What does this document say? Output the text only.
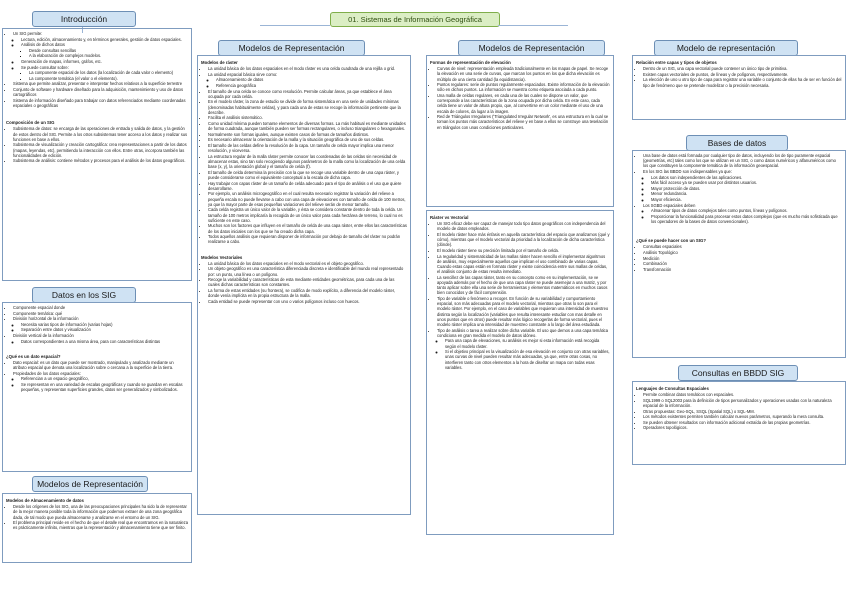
01. Sistemas de Información Geográfica
Introducción
• Un SIG permite:
◦ Lectura, edición, almacenamiento y, en términos generales, gestión de datos espaciales.
◦ Análisis de dichos datos
▪ Desde consultas sencillas
▪ A la elaboración de complejos modelos.
◦ Generación de mapas, informes, gráfos, etc.
◦ Se puede consultar sobre:
▪ La componente espacial de los datos (la localización de cada valor o elemento)
▪ La componente temática (el valor o el elemento).
• Sistema que permite analizar, presentar e interpretar hechos relativos a la superficie terrestre
• Conjunto de software y hardware diseñado para la adquisición, mantenimiento y uso de datos cartográficos
• Sistema de información diseñado para trabajar con datos referenciados mediante coordenadas espaciales o geográficas
Composición de un SIG
• Subsistema de datos: se encarga de las operaciones de entrada y salida de datos, y la gestión de estos dentro del SIG. Permite a los otros subsistemas tener acceso a los datos y realizar sus funciones en base a ellos.
• Subsistema de visualización y creación cartográfica: crea representaciones a partir de los datos (mapas, leyendas, etc), permitiendo la interacción con ellos. Entre otras, incorpora también las funcionalidades de edición.
• Subsistema de análisis: contiene métodos y procesos para el análisis de los datos geográficos.
Datos en los SIG
• Componente espacial donde
• Componente temática: qué
• División horizontal de la información
◦ Necesita varias tipos de información (varias hojas)
◦ Separación entre datos y visualización
• División vertical de la información
◦ Datos correspondientes a una misma área, para con características distintas
¿Qué es un dato espacial?
• Dato espacial: es un dato que puede ser mostrado, manipulado y analizado mediante un atributo espacial que denota una localización sobre o cercana a la superficie de la tierra.
• Propiedades de los datos espaciales:
◦ Referencian a un espacio geográfico,
◦ Se representan en una variedad de escalas geográficas y cuando se guardan en escalas pequeñas, y representan superficies grandes, datos ser generalizados y simbolizados.
Modelos de Representación
Modelos de Almacenamiento de datos
• Desde los orígenes de los SIG, una de las preocupaciones principales ha sido la de representar de la mejor manera posible toda la información que podemos extraer de una zona geográfica dada, de tal modo que pueda almacenarse y analizarse en el entorno de un SIG.
• El problema principal reside en el hecho de que el detalle real que encontramos en la naturaleza es prácticamente infinito, mientras que la representación y almacenamiento tiene que ser finito.
Modelos de Representación
Modelos de ráster
• La unidad básica de los datos espaciales en el modo ráster es una celda cuadrada de una rejilla o grid.
• La unidad espacial básica sirve como:
◦ Almacenamiento de datos
◦ Referencia geográfica
• El tamaño de una celda se conoce como resolución. Permite calcular áreas, ya que establece el área ocupada por cada celda.
• En el modelo ráster, la zona de estudio se divide de forma sistemática en una serie de unidades mínimas (denominadas habitualmente celdas), y para cada una de estas se recoge la información pertinente que la describe.
• Facilita el análisis sistemático.
• Como unidad mínima pueden tomarse elementos de diversas formas. La más habitual es mediante unidades de forma cuadrada, aunque también pueden ser formas rectangulares, o incluso triangulares o hexagonales.
• Normalmente son formas iguales, aunque existen casos de formas de tamaños distintos.
• Es necesario almacenar la orientación de la malla y la situación geográfica de uno de sus celdas.
• El tamaño de las celdas define la resolución de la capa. Un tamaño de celda mayor implica una menor resolución, y viceversa.
• La estructura regular de la malla ráster permite conocer las coordenadas de las celdas sin necesidad de almacenar estas, sino tan solo recogiendo algunos parámetros de la malla como la localización de una celda base (x, y), la orientación global y el tamaño de celda (f).
• El tamaño de celda determina la precisión con la que se recoge una variable dentro de una capa ráster, y puede considerarse como el equivalente conceptual a la escala de dicha capa.
• Hay trabajar con capas ráster de un tamaño de celda adecuado para el tipo de análisis o el uso que quiere desarrollarse.
• Por ejemplo, un análisis microgeográfico en el cual resulta necesario registrar la variación del relieve a pequeña escala no puede llevarse a cabo con una capa de elevaciones con tamaño de celda de 100 metros, ya que la mayor parte de esas pequeñas variaciones del relieve serán de menor tamaño.
• Cada celda registra un único valor de la variable, y ésta se considera constante dentro de toda la celda. Un tamaño de 100 metros implicaría la recogida de un único valor para cada hectárea de terreno, lo cual no es suficiente en este caso.
• Muchos son los factores que influyen en el tamaño de celda de una capa ráster, entre ellos las características de los datos iniciales con los que se ha creado dicha capa.
• Todos aquellos análisis que requieran disponer de información por debajo de tamaño del ráster no podrán realizarse a cabo.
Modelos Vectoriales
• La unidad básica de los datos espaciales en el modo vectorial es el objeto geográfico.
• Un objeto geográfico es una característica diferenciada discreta e identificable del mundo real representado por: un punto, una línea o un polígono.
• Recoge la variabilidad y características de esta mediante entidades geométricas, para cada una de las cuales dichas características son constantes.
• La forma de estas entidades (su frontera), se codifica de modo explícito, a diferencia del modelo ráster, donde venía implícita en la propia estructura de la malla.
• Cada entidad se puede representar con uno o varios polígonos incluso con huecos.
Modelos de Representación
Formas de representación de elevación
• Curvas de nivel: representación empleada tradicionalmente en los mapas de papel. Se recoge la elevación en una serie de curvas, que marcan los puntos en los que dicha elevación es múltiplo de una cierta cantidad (la equidistancia).
• Puntos regulares: serie de puntos regularmente espaciados. Existe información de la elevación sólo en dichos puntos. La información se muestra como etiqueta asociada a cada punto.
• Una malla de celdas regulares, en cada una de las cuales se dispone un valor, que corresponde a las características de la zona ocupada por dicha celda. En este caso, cada celda tiene un valor de altura propio, que, al convertirse en un color mediante el uso de una escala de colores, da lugar a la imagen.
• Red de Triángulos Irregulares ('Triangulated Irregular Network', es una estructura en la cual se toman los puntos más característicos del relieve y en base a ellos se construye una teselación en triángulos con unas condiciones particulares.
Ráster vs Vectorial
• Un SIG eficaz debe ser capaz de manejar todo tipo datos geográficos con independencia del modelo de datos empleados.
• El modelo ráster hace más énfasis en aquella característica del espacio que analizamos (qué y cómo), mientras que el modelo vectorial da prioridad a la localización de dicha característica (dónde).
• El modelo ráster tiene su precisión limitada por el tamaño de celda.
• La regularidad y sistematicidad de las mallas ráster hacen sencillo el implementar algoritmos de análisis, muy especialmente aquellos que implican el uso combinado de varias capas. Cuando estas capas están en formato ráster y existe coincidencia entre sus mallas de celdas, el análisis conjunto de estas resulta inmediato.
• La sencillez de las capas ráster, tanto en su concepto como en su implementación, se ve apoyada además por el hecho de que una capa ráster se puede asemejar a una matriz, y por tanto aplicar sobre ella una serie de herramientas y elementos matemáticos en muchos casos bien conocidos y de fácil comprensión.
• Tipo de variable o fenómeno a recoger. En función de su variabilidad y comportamiento espacial, son más adecuadas para el modelo vectorial, mientras que otras lo son para el modelo ráster. Por ejemplo, en el caso de variables que requieran una intensidad de muestreo distinta según la localización (variables que resulta interesante estudiar con mas detalle en unos puntos que en otros) puede resultar más lógico recogerlas de forma vectorial, pues el modelo ráster implica una intensidad de muestreo constante a lo largo del área estudiada.
• Tipo de análisis o tarea a realizar sobre dicha variable. El uso que demos a una capa temática condiciona en gran medida el modelo de datos idóneo.
◦ Para una capa de elevaciones, su análisis es mejor si esta información está recogida según el modelo ráster.
◦ Si el objetivo principal es la visualización de esa elevación en conjunto con otras variables, unas curvas de nivel pueden resultar más adecuadas, ya que, entre otras cosas, no interfieren tanto con otros elementos a la hora de diseñar un mapa con todas esas variables.
Modelo de representación
Relación entre capas y tipos de objetos
• Dentro de un SIG, una capa vectorial puede contener un único tipo de primitiva.
• Existen capas vectoriales de puntos, de líneas y de polígonos, respectivamente.
• La elección de uno u otro tipo de capa para registrar una variable o conjunto de ellas ha de ser en función del tipo de fenómeno que se pretende modelizar o la precisión necesaria.
Bases de datos
• Una base de datos está formada por cualquier tipo de datos, incluyendo los de tipo puramente espacial (geometrías, etc) tales como los que se utilizan en un SIG, o como datos numéricos y alfanuméricos como los que constituyen la componente temática de la información geoespacial.
• En los SIG las BBDD son indispensables ya que:
◦ Los datos son independientes de las aplicaciones.
◦ Más fácil acceso ya se pueden usar por distintos usuarios.
◦ Mayor protección de datos.
◦ Menor redundancia.
◦ Mayor eficiencia.
• Los SGBD espaciales deben
◦ Almacenar tipos de datos complejos tales como puntos, líneas y polígonos.
◦ Proporcionar la funcionalidad para procesar estos datos complejos (que es mucho más sofisticada que los operadores de la bases de datos convencionales).
¿Qué se puede hacer con un SIG?
• Consultas espaciales
• Análisis Topológico
• Medición
• Combinación
• Transformación
Consultas en BBDD SIG
Lenguajes de Consultas Espaciales
• Permite combinar datos temáticos con espaciales.
• SQL1999 o SQL2003 para la definición de tipos personalizados y operaciones usadas con la naturaleza espacial de la información.
• Otras propuestas: Geo-SQL, SSQL (Spatial SQL) o SQL-MM.
• Los métodos existentes permiten también calcular nuevos parámetros, superando la mera consulta.
• Se pueden obtener resultados con información adicional extraída de las propias geometrías.
• Operadores topológicos.
